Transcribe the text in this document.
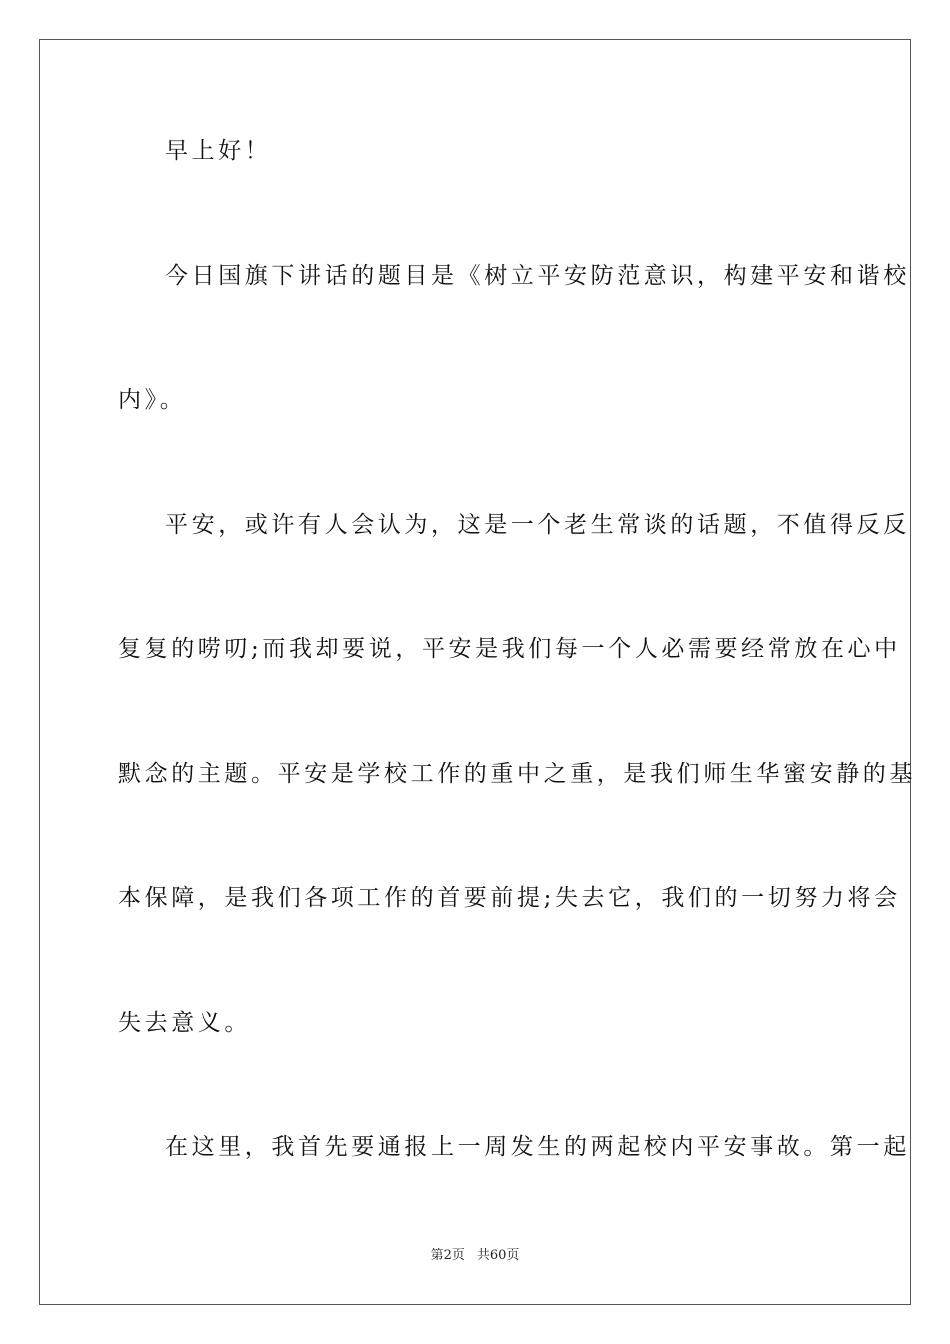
早上好！
今日国旗下讲话的题目是《树立平安防范意识，构建平安和谐校
内》。
平安，或许有人会认为，这是一个老生常谈的话题，不值得反反
复复的唠叨;而我却要说，平安是我们每一个人必需要经常放在心中
默念的主题。平安是学校工作的重中之重，是我们师生华蜜安静的基
本保障，是我们各项工作的首要前提;失去它，我们的一切努力将会
失去意义。
在这里，我首先要通报上一周发生的两起校内平安事故。第一起
第2页 共60页
